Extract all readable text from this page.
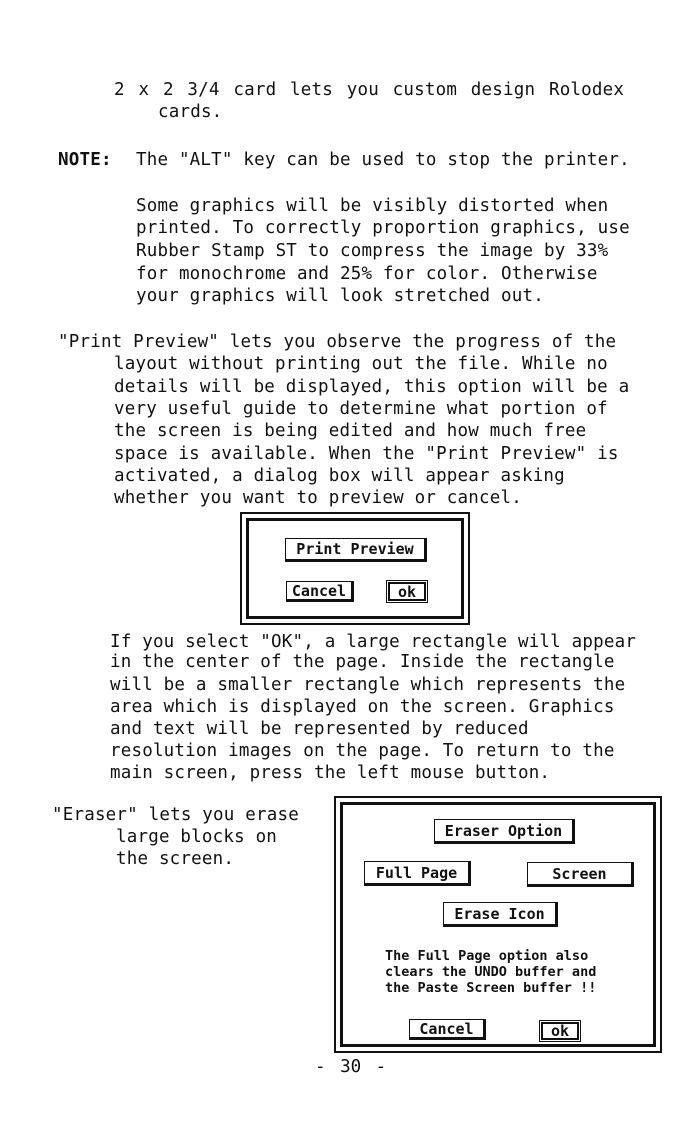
2 x 2 3/4 card lets you custom design Rolodex
cards.
NOTE: The "ALT" key can be used to stop the printer.
Some graphics will be visibly distorted when
printed. To correctly proportion graphics, use
Rubber Stamp ST to compress the image by 33%
for monochrome and 25% for color. Otherwise
your graphics will look stretched out.
"Print Preview" lets you observe the progress of the
layout without printing out the file. While no
details will be displayed, this option will be a
very useful guide to determine what portion of
the screen is being edited and how much free
space is available. When the "Print Preview" is
activated, a dialog box will appear asking
whether you want to preview or cancel.
Print Preview
Cancel	ok
If you select "OK", a large rectangle will appear
in the center of the page. Inside the rectangle
will be a smaller rectangle which represents the
area which is displayed on the screen. Graphics
and text will be represented by reduced
resolution images on the page. To return to the
main screen, press the left mouse button.
"Eraser" lets you erase
large blocks on
the screen.
Eraser Option
Full Page	Screen
Erase Icon
The Full Page option also
clears the UNDO buffer and
the Paste Screen buffer !!
Cancel	ok
- 30 -
